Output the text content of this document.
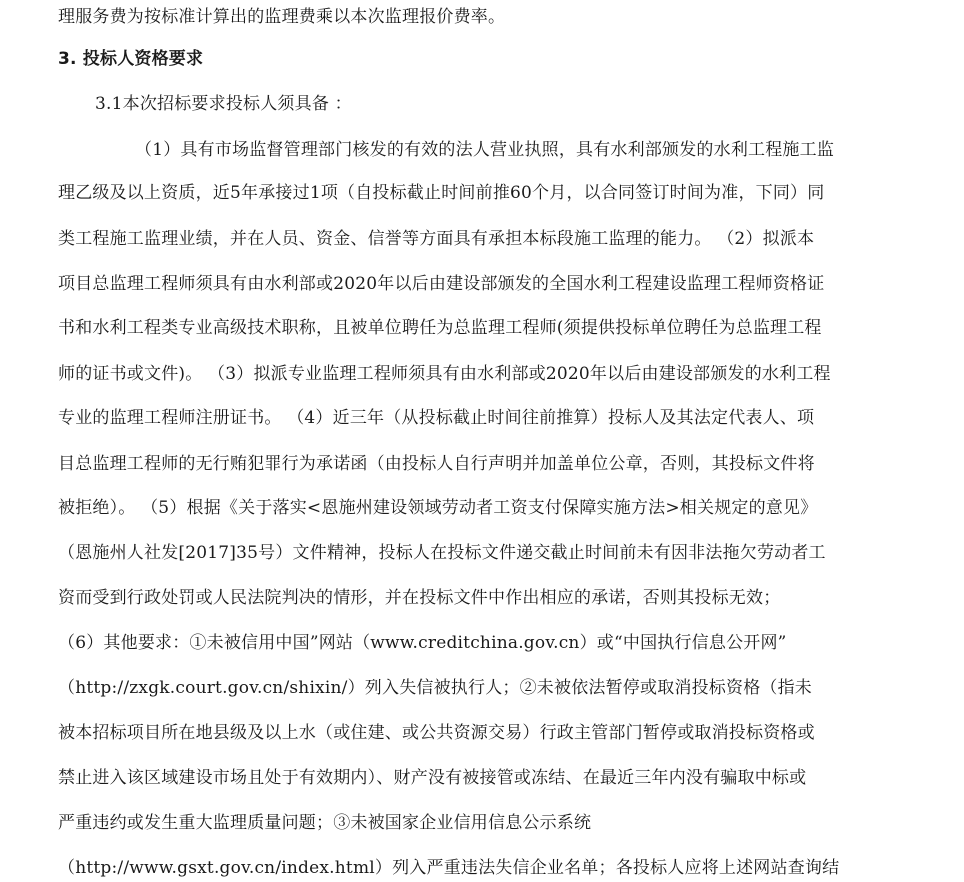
理服务费为按标准计算出的监理费乘以本次监理报价费率。
3. 投标人资格要求
3.1本次招标要求投标人须具备 ：
（1）具有市场监督管理部门核发的有效的法人营业执照，具有水利部颁发的水利工程施工监
理乙级及以上资质，近5年承接过1项（自投标截止时间前推60个月，以合同签订时间为准，下同）同
类工程施工监理业绩，并在人员、资金、信誉等方面具有承担本标段施工监理的能力。 （2）拟派本
项目总监理工程师须具有由水利部或2020年以后由建设部颁发的全国水利工程建设监理工程师资格证
书和水利工程类专业高级技术职称，且被单位聘任为总监理工程师(须提供投标单位聘任为总监理工程
师的证书或文件)。 （3）拟派专业监理工程师须具有由水利部或2020年以后由建设部颁发的水利工程
专业的监理工程师注册证书。 （4）近三年（从投标截止时间往前推算）投标人及其法定代表人、项
目总监理工程师的无行贿犯罪行为承诺函（由投标人自行声明并加盖单位公章，否则，其投标文件将
被拒绝）。 （5）根据《关于落实<恩施州建设领域劳动者工资支付保障实施方法>相关规定的意见》
（恩施州人社发[2017]35号）文件精神，投标人在投标文件递交截止时间前未有因非法拖欠劳动者工
资而受到行政处罚或人民法院判决的情形，并在投标文件中作出相应的承诺，否则其投标无效；
（6）其他要求：①未被信用中国”网站（www.creditchina.gov.cn）或“中国执行信息公开网”
（http://zxgk.court.gov.cn/shixin/）列入失信被执行人；②未被依法暂停或取消投标资格（指未
被本招标项目所在地县级及以上水（或住建、或公共资源交易）行政主管部门暂停或取消投标资格或
禁止进入该区域建设市场且处于有效期内）、财产没有被接管或冻结、在最近三年内没有骗取中标或
严重违约或发生重大监理质量问题；③未被国家企业信用信息公示系统
（http://www.gsxt.gov.cn/index.html）列入严重违法失信企业名单；各投标人应将上述网站查询结
